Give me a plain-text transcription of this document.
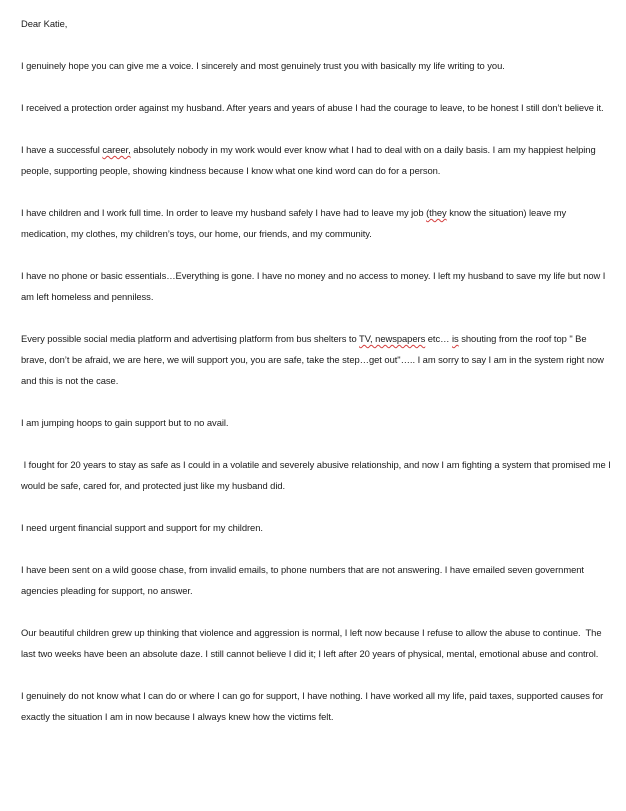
Dear Katie,

I genuinely hope you can give me a voice. I sincerely and most genuinely trust you with basically my life writing to you.

I received a protection order against my husband. After years and years of abuse I had the courage to leave, to be honest I still don’t believe it.

I have a successful career, absolutely nobody in my work would ever know what I had to deal with on a daily basis. I am my happiest helping people, supporting people, showing kindness because I know what one kind word can do for a person.

I have children and I work full time. In order to leave my husband safely I have had to leave my job (they know the situation) leave my medication, my clothes, my children’s toys, our home, our friends, and my community.

I have no phone or basic essentials…Everything is gone. I have no money and no access to money. I left my husband to save my life but now I am left homeless and penniless.

Every possible social media platform and advertising platform from bus shelters to TV, newspapers etc… is shouting from the roof top " Be brave, don’t be afraid, we are here, we will support you, you are safe, take the step…get out"….. I am sorry to say I am in the system right now and this is not the case.

I am jumping hoops to gain support but to no avail.

I fought for 20 years to stay as safe as I could in a volatile and severely abusive relationship, and now I am fighting a system that promised me I would be safe, cared for, and protected just like my husband did.

I need urgent financial support and support for my children.

I have been sent on a wild goose chase, from invalid emails, to phone numbers that are not answering. I have emailed seven government agencies pleading for support, no answer.

Our beautiful children grew up thinking that violence and aggression is normal, I left now because I refuse to allow the abuse to continue.  The last two weeks have been an absolute daze. I still cannot believe I did it; I left after 20 years of physical, mental, emotional abuse and control.

I genuinely do not know what I can do or where I can go for support, I have nothing. I have worked all my life, paid taxes, supported causes for exactly the situation I am in now because I always knew how the victims felt.
